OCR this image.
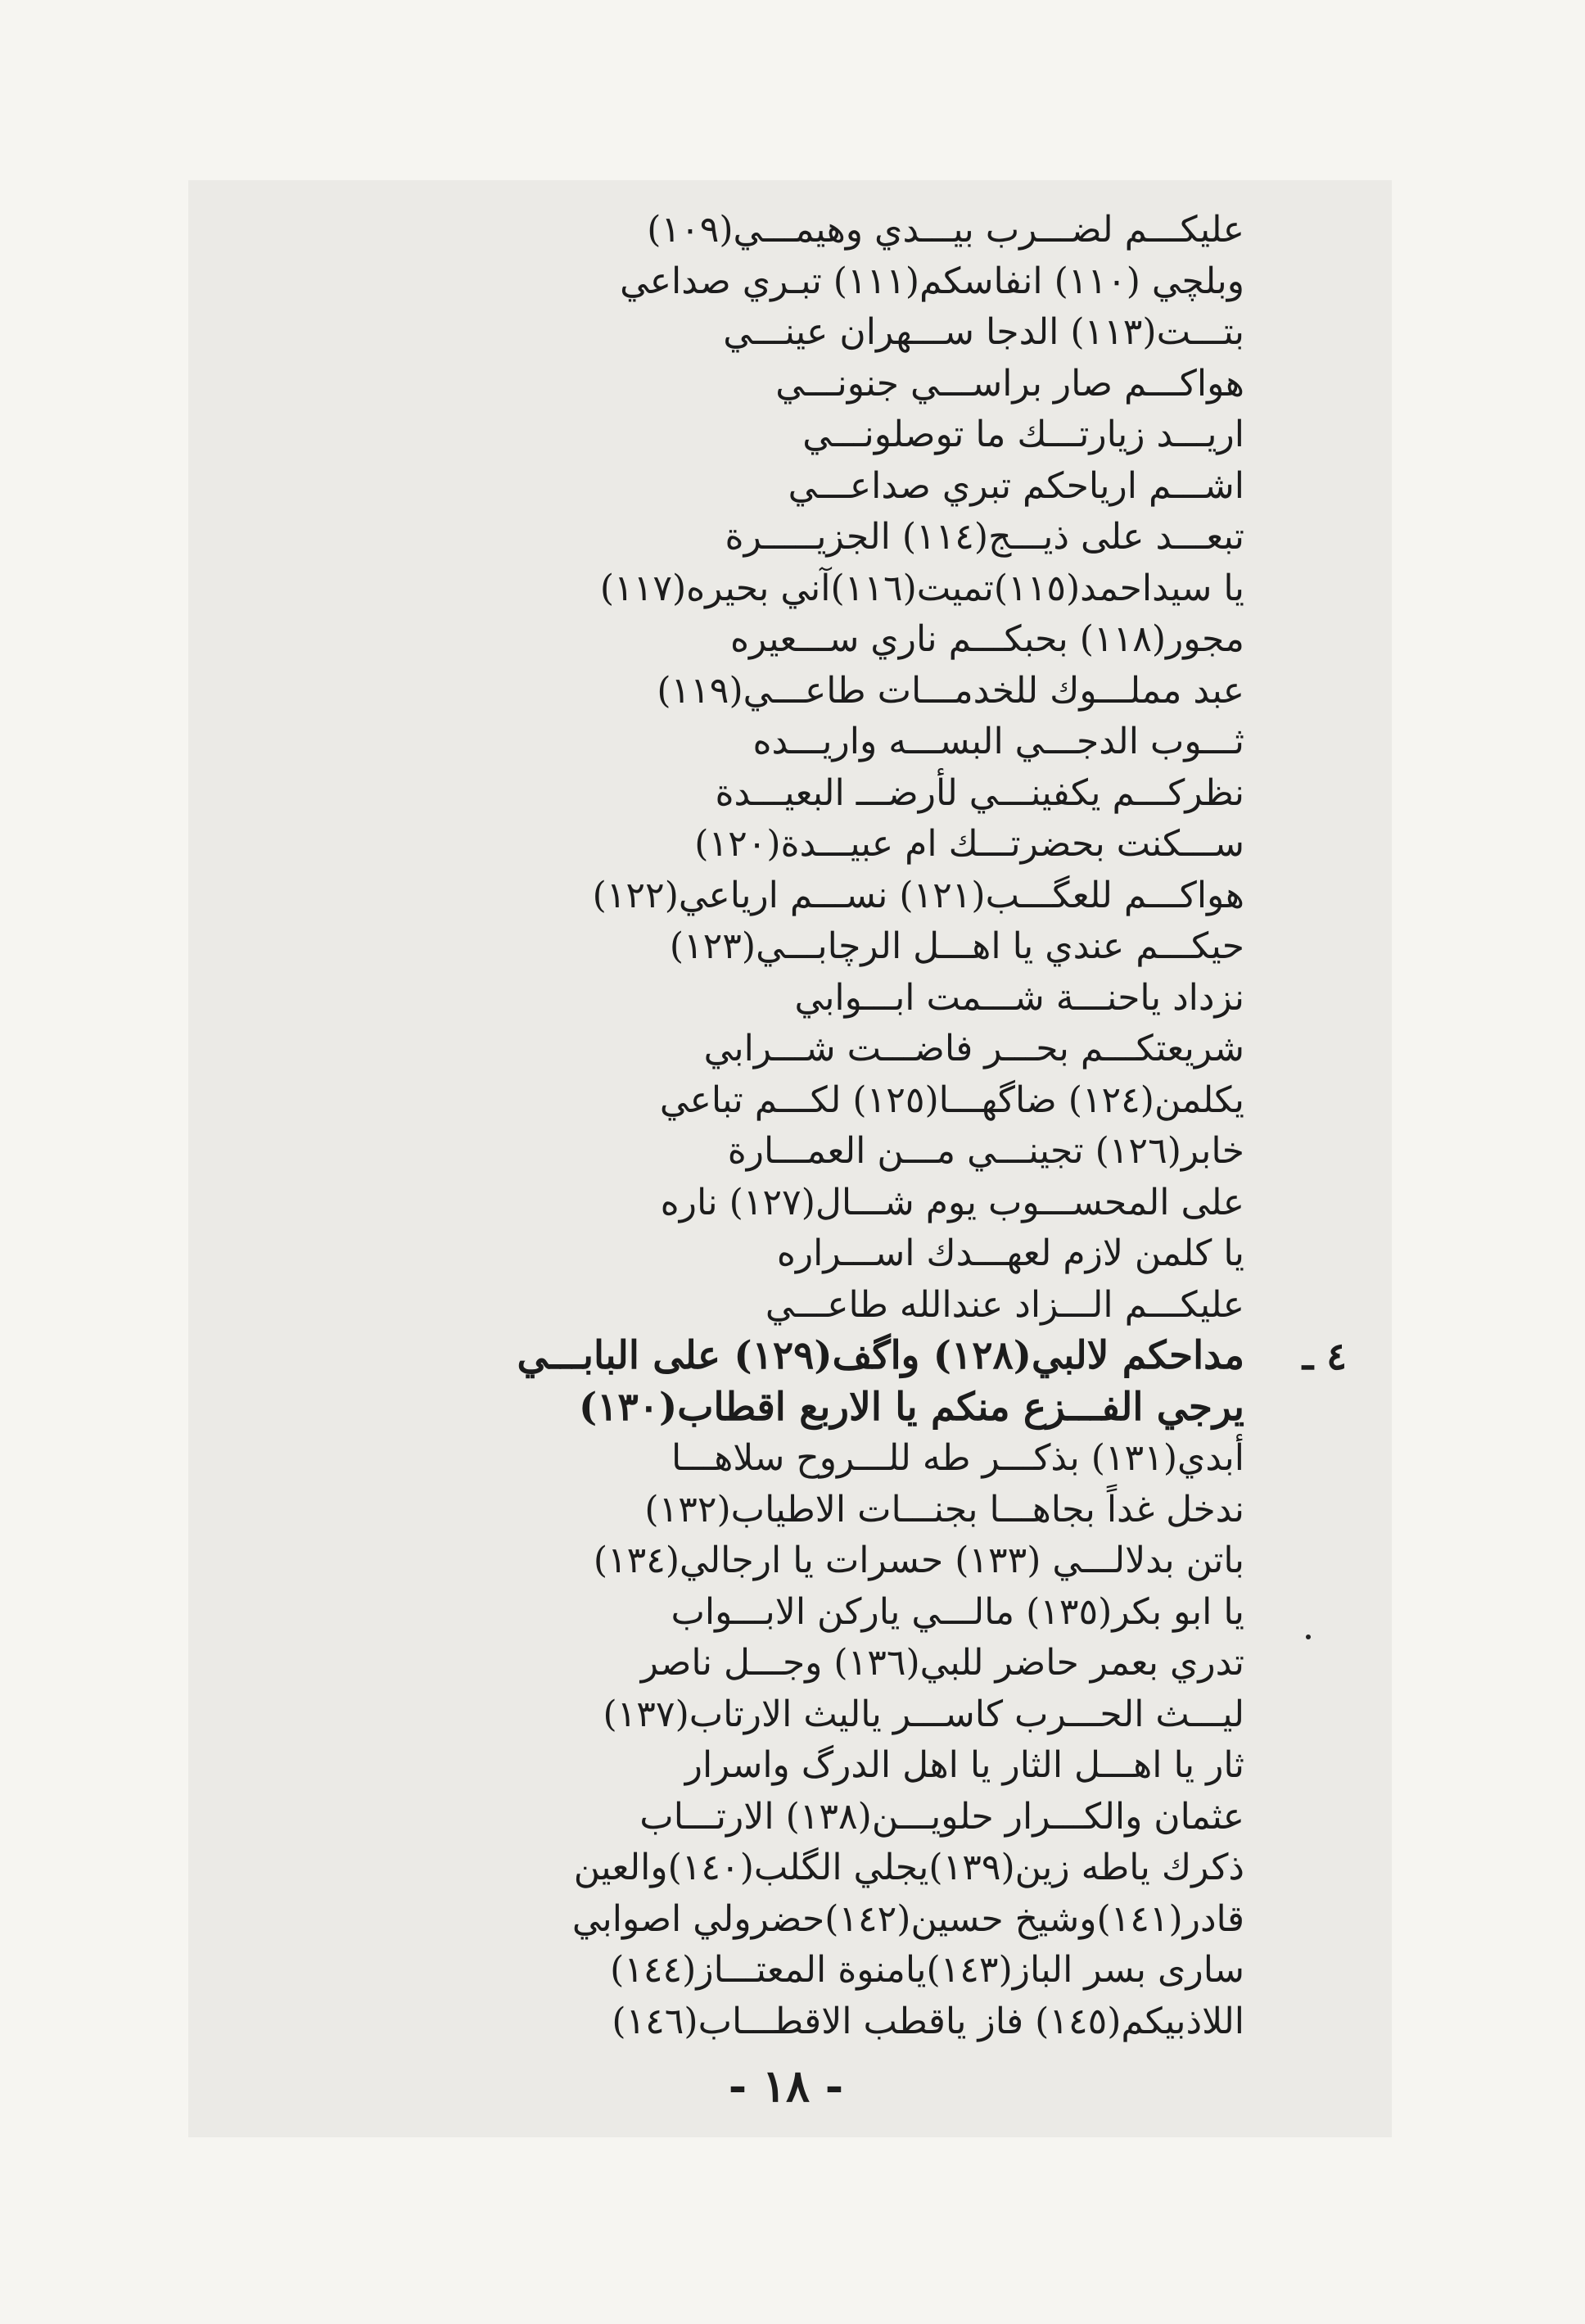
عليكـــم لضـــرب بيـــدي وهيمـــي(١٠٩)
وبلچي (١١٠) انفاسكم(١١١) تبـري صداعي
بتـــت(١١٣) الدجا ســـهران عينـــي
هواكـــم صار براســـي جنونـــي
اريـــد زيارتـــك ما توصلونـــي
اشـــم ارياحكم تبري صداعـــي
تبعـــد على ذيـــج(١١٤) الجزيـــــرة
يا سيداحمد(١١٥)تميت(١١٦)آني بحيره(١١٧)
مجور(١١٨) بحبكـــم ناري ســـعيره
عبد مملـــوك للخدمـــات طاعـــي(١١٩)
ثـــوب الدجـــي البســـه واريـــده
نظركـــم يكفينـــي لأرضـــ البعيـــدة
ســـكنت بحضرتـــك ام عبيـــدة(١٢٠)
هواكـــم للعگـــب(١٢١) نســـم ارياعي(١٢٢)
حيكـــم عندي يا اهـــل الرچابـــي(١٢٣)
نزداد ياحنـــة شـــمت ابـــوابي
شريعتكـــم بحـــر فاضـــت شـــرابي
يكلمن(١٢٤) ضاگهـــا(١٢٥) لكـــم تباعي
خابر(١٢٦) تجينـــي مـــن العمـــارة
على المحســـوب يوم شـــال(١٢٧) ناره
يا كلمن لازم لعهـــدك اســـراره
عليكـــم الـــزاد عندالله طاعـــي
مداحكم لالبي(١٢٨) واگف(١٢٩) على البابـــي
يرجي الفـــزع منكم يا الاربع اقطاب(١٣٠)
أبدي(١٣١) بذكـــر طه للـــروح سلاهـــا
ندخل غداً بجاهـــا بجنـــات الاطياب(١٣٢)
باتن بدلالـــي (١٣٣) حسرات يا ارجالي(١٣٤)
يا ابو بكر(١٣٥) مالـــي ياركن الابـــواب
تدري بعمر حاضر للبي(١٣٦) وجـــل ناصر
ليـــث الحـــرب كاســـر ياليث الارتاب(١٣٧)
ثار يا اهـــل الثار يا اهل الدرگ واسرار
عثمان والكـــرار حلويـــن(١٣٨) الارتـــاب
ذكرك ياطه زين(١٣٩)يجلي الگلب(١٤٠)والعين
قادر(١٤١)وشيخ حسين(١٤٢)حضرولي اصوابي
سارى بسر الباز(١٤٣)يامنوة المعتـــاز(١٤٤)
اللاذبيكم(١٤٥) فاز ياقطب الاقطـــاب(١٤٦)
٤ ـ
- ١٨ -
